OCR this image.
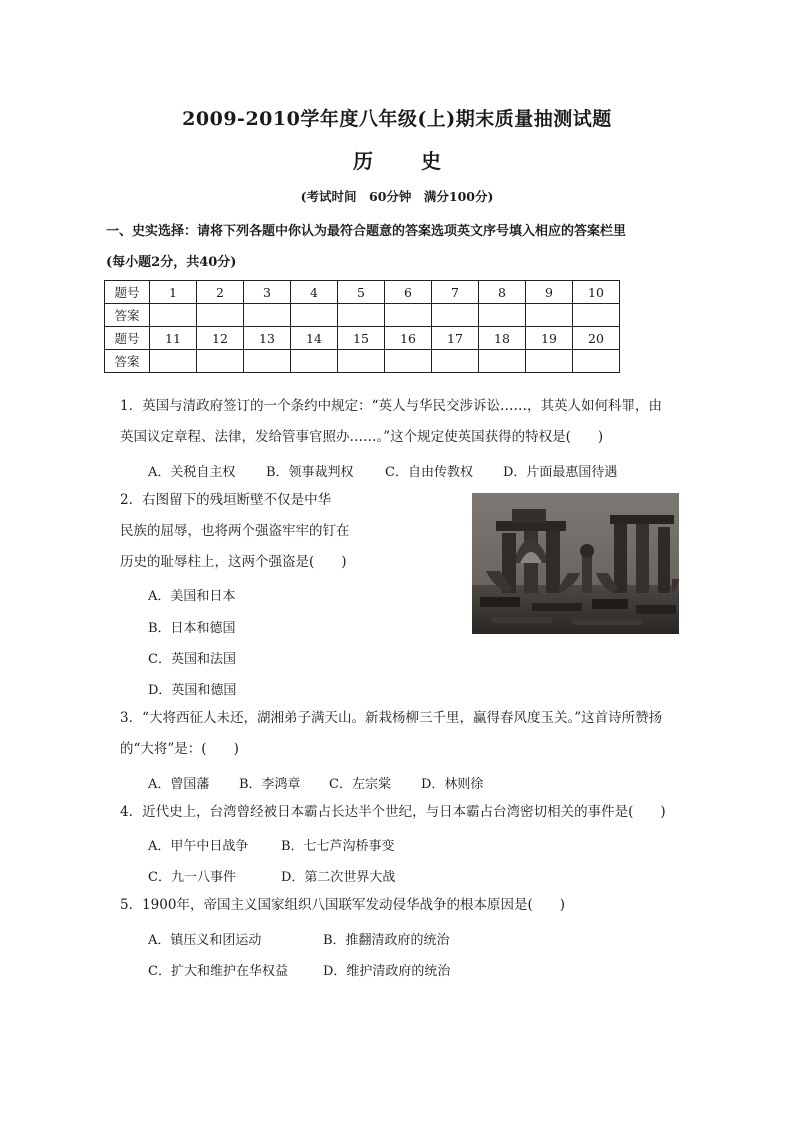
2009-2010学年度八年级(上)期末质量抽测试题
历　史
(考试时间　60分钟　满分100分)
一、史实选择：请将下列各题中你认为最符合题意的答案选项英文序号填入相应的答案栏里
(每小题2分，共40分)
题号	1	2	3	4	5	6	7	8	9	10
答案										
题号	11	12	13	14	15	16	17	18	19	20
答案										
1．英国与清政府签订的一个条约中规定：“英人与华民交涉诉讼……，其英人如何科罪，由
英国议定章程、法律，发给管事官照办……。”这个规定使英国获得的特权是(　　)
A．关税自主权 B．领事裁判权 C．自由传教权 D．片面最惠国待遇
2．右图留下的残垣断壁不仅是中华
民族的屈辱，也将两个强盗牢牢的钉在
历史的耻辱柱上，这两个强盗是(　　)
A．美国和日本
B．日本和德国
C．英国和法国
D．英国和德国
3．“大将西征人未还，湖湘弟子满天山。新栽杨柳三千里，赢得春风度玉关。”这首诗所赞扬
的“大将”是：(　　)
A．曾国藩 B．李鸿章 C．左宗棠 D．林则徐
4．近代史上，台湾曾经被日本霸占长达半个世纪，与日本霸占台湾密切相关的事件是(　　)
A．甲午中日战争	B．七七芦沟桥事变
C．九一八事件	D．第二次世界大战
5．1900年，帝国主义国家组织八国联军发动侵华战争的根本原因是(　　)
A．镇压义和团运动	B．推翻清政府的统治
C．扩大和维护在华权益	D．维护清政府的统治
